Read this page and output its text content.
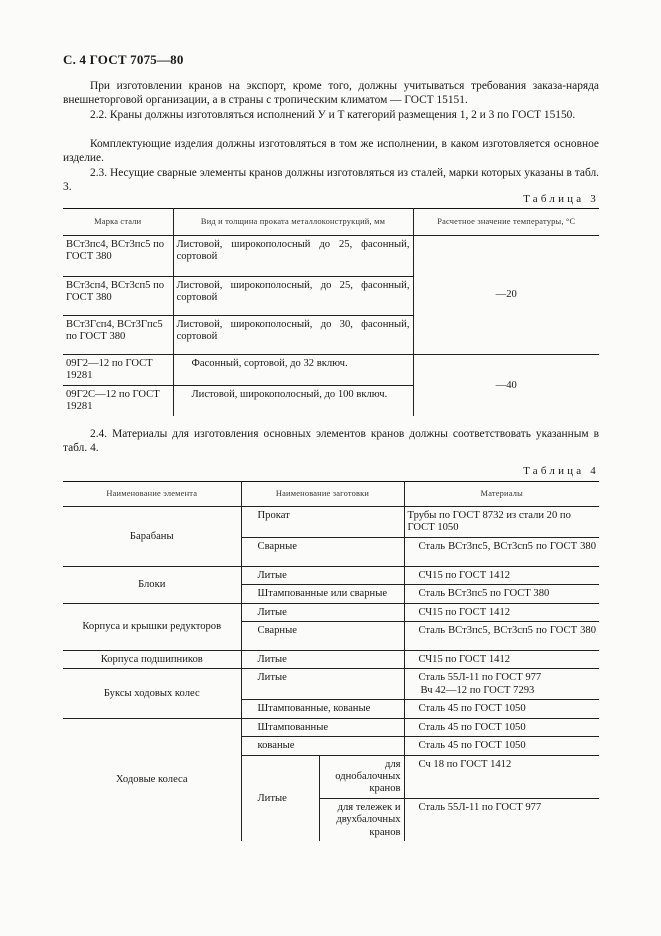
С. 4 ГОСТ 7075—80
При изготовлении кранов на экспорт, кроме того, должны учитываться требования заказа-наряда внешнеторговой организации, а в страны с тропическим климатом — ГОСТ 15151.
2.2. Краны должны изготовляться исполнений У и Т категорий размещения 1, 2 и 3 по ГОСТ 15150.
Комплектующие изделия должны изготовляться в том же исполнении, в каком изготовляется основное изделие.
2.3. Несущие сварные элементы кранов должны изготовляться из сталей, марки которых указаны в табл. 3.
Таблица 3
Марка стали	Вид и толщина проката металлоконструкций, мм	Расчетное значение температуры, °С
ВСт3пс4, ВСт3пс5 по ГОСТ 380	Листовой, широкополосный до 25, фасонный, сортовой	—20
ВСт3сп4, ВСт3сп5 по ГОСТ 380	Листовой, широкополосный, до 25, фасонный, сортовой	
ВСт3Гсп4, ВСт3Гпс5 по ГОСТ 380	Листовой, широкополосный, до 30, фасонный, сортовой	
09Г2—12 по ГОСТ 19281	Фасонный, сортовой, до 32 включ.	—40
09Г2С—12 по ГОСТ 19281	Листовой, широкополосный, до 100 включ.	
2.4. Материалы для изготовления основных элементов кранов должны соответствовать указанным в табл. 4.
Таблица 4
Наименование элемента	Наименование заготовки		Материалы
Барабаны	Прокат		Трубы по ГОСТ 8732 из стали 20 по ГОСТ 1050
	Сварные		Сталь ВСт3пс5, ВСт3сп5 по ГОСТ 380
Блоки	Литые		СЧ15 по ГОСТ 1412
	Штампованные или сварные		Сталь ВСт3пс5 по ГОСТ 380
Корпуса и крышки редукторов	Литые		СЧ15 по ГОСТ 1412
	Сварные		Сталь ВСт3пс5, ВСт3сп5 по ГОСТ 380
Корпуса подшипников	Литые		СЧ15 по ГОСТ 1412
Буксы ходовых колес	Литые		Сталь 55Л-11 по ГОСТ 977
Вч 42—12 по ГОСТ 7293

	Штампованные, кованые		Сталь 45 по ГОСТ 1050
Ходовые колеса	Штампованные		Сталь 45 по ГОСТ 1050
	кованые		Сталь 45 по ГОСТ 1050
	Литые	для однобалочных кранов	Сч 18 по ГОСТ 1412
		для тележек и двухбалочных кранов	Сталь 55Л-11 по ГОСТ 977
